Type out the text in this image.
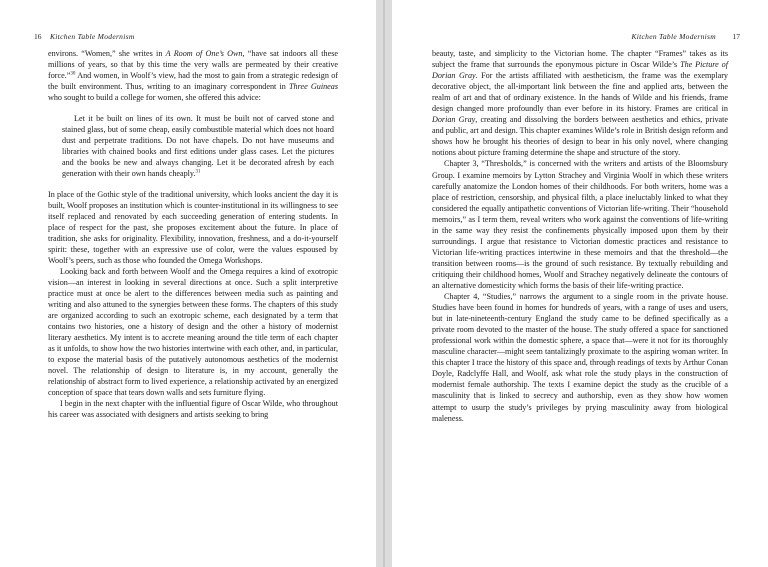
16 Kitchen Table Modernism

environs. “Women,” she writes in A Room of One’s Own, “have sat indoors all these millions of years, so that by this time the very walls are permeated by their creative force.”$^{30}$ And women, in Woolf’s view, had the most to gain from a strategic redesign of the built environment. Thus, writing to an imaginary correspondent in Three Guineas who sought to build a college for women, she offered this advice:

Let it be built on lines of its own. It must be built not of carved stone and stained glass, but of some cheap, easily combustible material which does not hoard dust and perpetrate traditions. Do not have chapels. Do not have museums and libraries with chained books and first editions under glass cases. Let the pictures and the books be new and always changing. Let it be decorated afresh by each generation with their own hands cheaply.$^{31}$

In place of the Gothic style of the traditional university, which looks ancient the day it is built, Woolf proposes an institution which is counter-institutional in its willingness to see itself replaced and renovated by each succeeding generation of entering students. In place of respect for the past, she proposes excitement about the future. In place of tradition, she asks for originality. Flexibility, innovation, freshness, and a do-it-yourself spirit: these, together with an expressive use of color, were the values espoused by Woolf’s peers, such as those who founded the Omega Workshops.

Looking back and forth between Woolf and the Omega requires a kind of exotropic vision—an interest in looking in several directions at once. Such a split interpretive practice must at once be alert to the differences between media such as painting and writing and also attuned to the synergies between these forms. The chapters of this study are organized according to such an exotropic scheme, each designated by a term that contains two histories, one a history of design and the other a history of modernist literary aesthetics. My intent is to accrete meaning around the title term of each chapter as it unfolds, to show how the two histories intertwine with each other, and, in particular, to expose the material basis of the putatively autonomous aesthetics of the modernist novel. The relationship of design to literature is, in my account, generally the relationship of abstract form to lived experience, a relationship activated by an energized conception of space that tears down walls and sets furniture flying.

I begin in the next chapter with the influential figure of Oscar Wilde, who throughout his career was associated with designers and artists seeking to bring

Kitchen Table Modernism 17

beauty, taste, and simplicity to the Victorian home. The chapter “Frames” takes as its subject the frame that surrounds the eponymous picture in Oscar Wilde’s The Picture of Dorian Gray. For the artists affiliated with aestheticism, the frame was the exemplary decorative object, the all-important link between the fine and applied arts, between the realm of art and that of ordinary existence. In the hands of Wilde and his friends, frame design changed more profoundly than ever before in its history. Frames are critical in Dorian Gray, creating and dissolving the borders between aesthetics and ethics, private and public, art and design. This chapter examines Wilde’s role in British design reform and shows how he brought his theories of design to bear in his only novel, where changing notions about picture framing determine the shape and structure of the story.

Chapter 3, “Thresholds,” is concerned with the writers and artists of the Bloomsbury Group. I examine memoirs by Lytton Strachey and Virginia Woolf in which these writers carefully anatomize the London homes of their childhoods. For both writers, home was a place of restriction, censorship, and physical filth, a place ineluctably linked to what they considered the equally antipathetic conventions of Victorian life-writing. Their “household memoirs,” as I term them, reveal writers who work against the conventions of life-writing in the same way they resist the confinements physically imposed upon them by their surroundings. I argue that resistance to Victorian domestic practices and resistance to Victorian life-writing practices intertwine in these memoirs and that the threshold—the transition between rooms—is the ground of such resistance. By textually rebuilding and critiquing their childhood homes, Woolf and Strachey negatively delineate the contours of an alternative domesticity which forms the basis of their life-writing practice.

Chapter 4, “Studies,” narrows the argument to a single room in the private house. Studies have been found in homes for hundreds of years, with a range of uses and users, but in late-nineteenth-century England the study came to be defined specifically as a private room devoted to the master of the house. The study offered a space for sanctioned professional work within the domestic sphere, a space that—were it not for its thoroughly masculine character—might seem tantalizingly proximate to the aspiring woman writer. In this chapter I trace the history of this space and, through readings of texts by Arthur Conan Doyle, Radclyffe Hall, and Woolf, ask what role the study plays in the construction of modernist female authorship. The texts I examine depict the study as the crucible of a masculinity that is linked to secrecy and authorship, even as they show how women attempt to usurp the study’s privileges by prying masculinity away from biological maleness.
